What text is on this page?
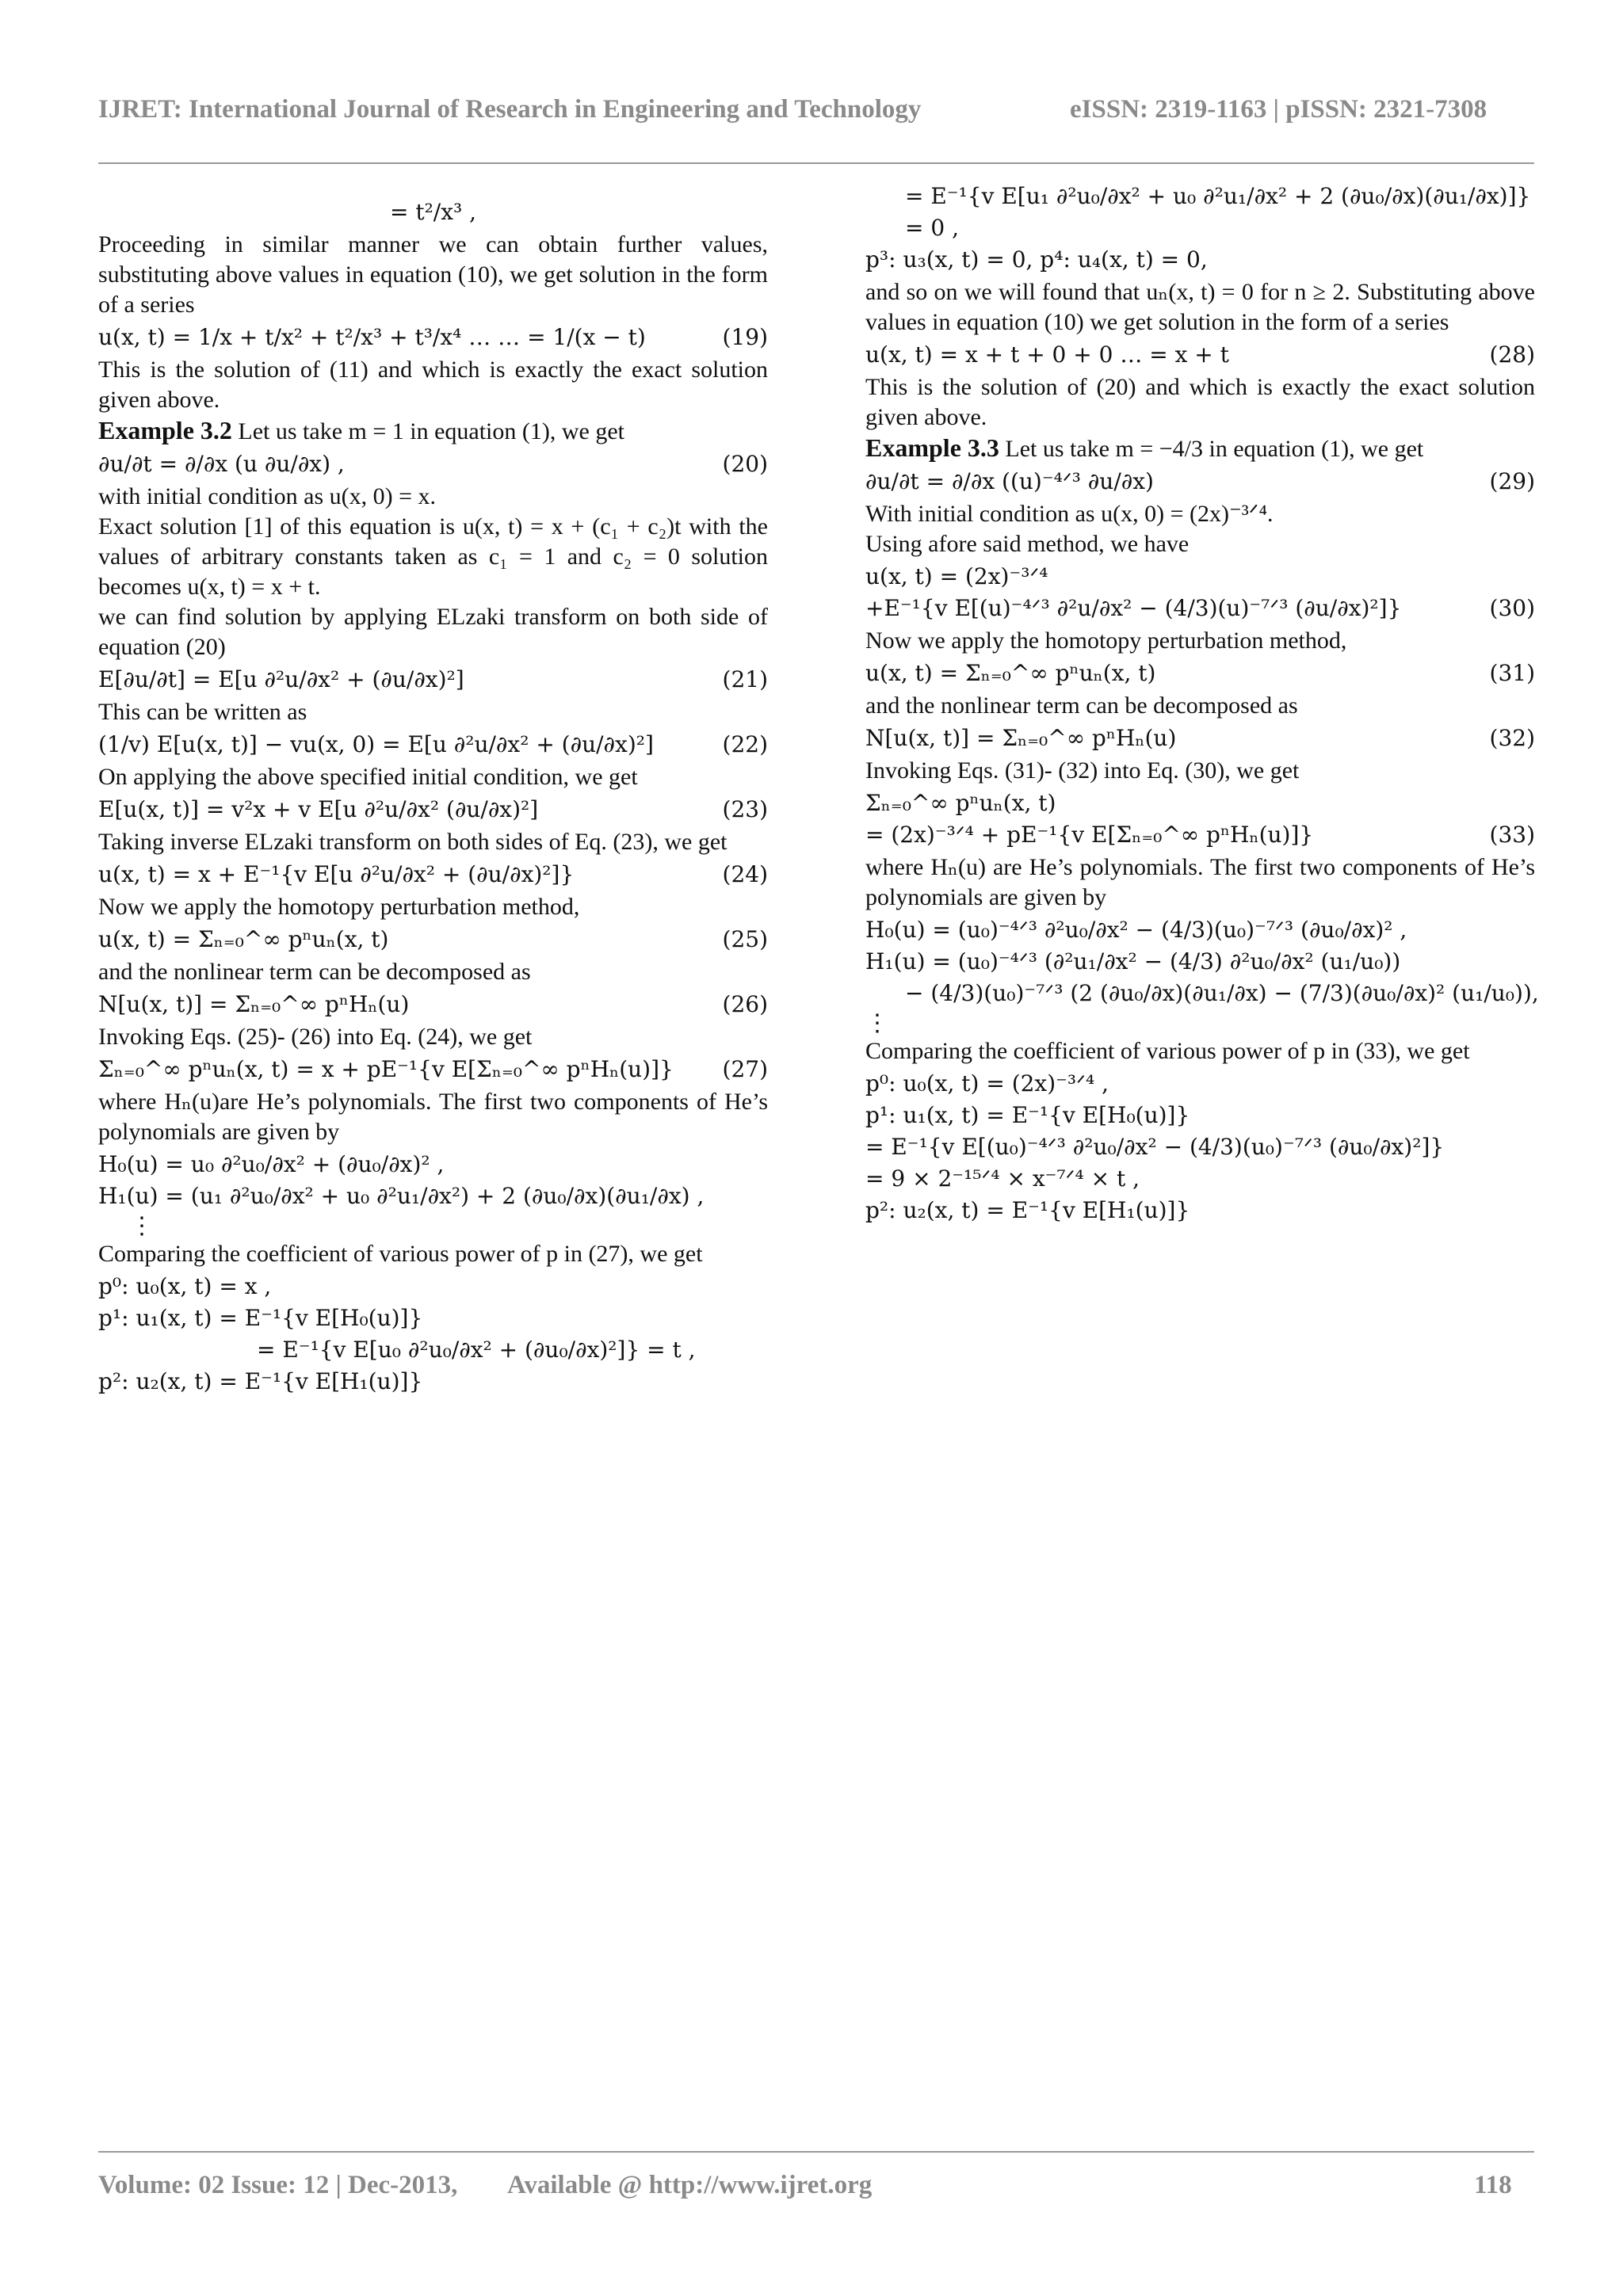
IJRET: International Journal of Research in Engineering and Technology	eISSN: 2319-1163 | pISSN: 2321-7308
= t²/x³ ,

Proceeding in similar manner we can obtain further values, substituting above values in equation (10), we get solution in the form of a series

u(x, t) = 1/x + t/x² + t²/x³ + t³/x⁴ … … = 1/(x − t)	(19)

This is the solution of (11) and which is exactly the exact solution given above.

Example 3.2 Let us take m = 1 in equation (1), we get

∂u/∂t = ∂/∂x (u ∂u/∂x) ,	(20)

with initial condition as u(x, 0) = x.

Exact solution [1] of this equation is u(x, t) = x + (c₁ + c₂)t with the values of arbitrary constants taken as c₁ = 1 and c₂ = 0 solution becomes u(x, t) = x + t.

we can find solution by applying ELzaki transform on both side of equation (20)

E[∂u/∂t] = E[u ∂²u/∂x² + (∂u/∂x)²]	(21)

This can be written as

(1/v) E[u(x, t)] − vu(x, 0) = E[u ∂²u/∂x² + (∂u/∂x)²]	(22)

On applying the above specified initial condition, we get

E[u(x, t)] = v²x + v E[u ∂²u/∂x² (∂u/∂x)²]	(23)

Taking inverse ELzaki transform on both sides of Eq. (23), we get

u(x, t) = x + E⁻¹{v E[u ∂²u/∂x² + (∂u/∂x)²]}	(24)

Now we apply the homotopy perturbation method,

u(x, t) = Σₙ₌₀^∞ pⁿuₙ(x, t)	(25)

and the nonlinear term can be decomposed as

N[u(x, t)] = Σₙ₌₀^∞ pⁿHₙ(u)	(26)

Invoking Eqs. (25)- (26) into Eq. (24), we get

Σₙ₌₀^∞ pⁿuₙ(x, t) = x + pE⁻¹{v E[Σₙ₌₀^∞ pⁿHₙ(u)]}	(27)

where Hₙ(u)are He’s polynomials. The first two components of He’s polynomials are given by

H₀(u) = u₀ ∂²u₀/∂x² + (∂u₀/∂x)² ,
H₁(u) = (u₁ ∂²u₀/∂x² + u₀ ∂²u₁/∂x²) + 2 (∂u₀/∂x)(∂u₁/∂x) ,
⋮

Comparing the coefficient of various power of p in (27), we get

p⁰: u₀(x, t) = x ,
p¹: u₁(x, t) = E⁻¹{v E[H₀(u)]}
= E⁻¹{v E[u₀ ∂²u₀/∂x² + (∂u₀/∂x)²]} = t ,
p²: u₂(x, t) = E⁻¹{v E[H₁(u)]}
= E⁻¹{v E[u₁ ∂²u₀/∂x² + u₀ ∂²u₁/∂x² + 2 (∂u₀/∂x)(∂u₁/∂x)]}
= 0 ,
p³: u₃(x, t) = 0, p⁴: u₄(x, t) = 0,

and so on we will found that uₙ(x, t) = 0 for n ≥ 2. Substituting above values in equation (10) we get solution in the form of a series

u(x, t) = x + t + 0 + 0 … = x + t	(28)

This is the solution of (20) and which is exactly the exact solution given above.

Example 3.3 Let us take m = −4/3 in equation (1), we get

∂u/∂t = ∂/∂x ((u)⁻⁴ᐟ³ ∂u/∂x)	(29)

With initial condition as u(x, 0) = (2x)⁻³ᐟ⁴.

Using afore said method, we have

u(x, t) = (2x)⁻³ᐟ⁴
+E⁻¹{v E[(u)⁻⁴ᐟ³ ∂²u/∂x² − (4/3)(u)⁻⁷ᐟ³ (∂u/∂x)²]}	(30)

Now we apply the homotopy perturbation method,

u(x, t) = Σₙ₌₀^∞ pⁿuₙ(x, t)	(31)

and the nonlinear term can be decomposed as

N[u(x, t)] = Σₙ₌₀^∞ pⁿHₙ(u)	(32)

Invoking Eqs. (31)- (32) into Eq. (30), we get

Σₙ₌₀^∞ pⁿuₙ(x, t)
= (2x)⁻³ᐟ⁴ + pE⁻¹{v E[Σₙ₌₀^∞ pⁿHₙ(u)]}	(33)

where Hₙ(u) are He’s polynomials. The first two components of He’s polynomials are given by

H₀(u) = (u₀)⁻⁴ᐟ³ ∂²u₀/∂x² − (4/3)(u₀)⁻⁷ᐟ³ (∂u₀/∂x)² ,
H₁(u) = (u₀)⁻⁴ᐟ³ (∂²u₁/∂x² − (4/3) ∂²u₀/∂x² (u₁/u₀))
− (4/3)(u₀)⁻⁷ᐟ³ (2 (∂u₀/∂x)(∂u₁/∂x) − (7/3)(∂u₀/∂x)² (u₁/u₀)),
⋮

Comparing the coefficient of various power of p in (33), we get

p⁰: u₀(x, t) = (2x)⁻³ᐟ⁴ ,
p¹: u₁(x, t) = E⁻¹{v E[H₀(u)]}
= E⁻¹{v E[(u₀)⁻⁴ᐟ³ ∂²u₀/∂x² − (4/3)(u₀)⁻⁷ᐟ³ (∂u₀/∂x)²]}
= 9 × 2⁻¹⁵ᐟ⁴ × x⁻⁷ᐟ⁴ × t ,
p²: u₂(x, t) = E⁻¹{v E[H₁(u)]}
Volume: 02 Issue: 12 | Dec-2013, Available @ http://www.ijret.org	118
